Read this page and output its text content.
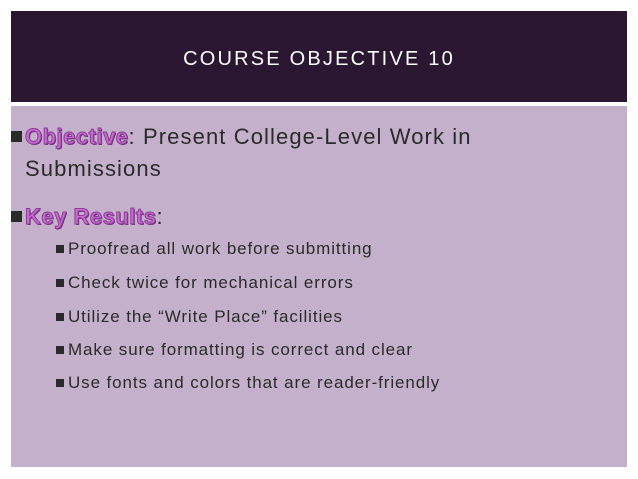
COURSE OBJECTIVE 10
Objective: Present College-Level Work in
Submissions
Key Results:
Proofread all work before submitting
Check twice for mechanical errors
Utilize the “Write Place” facilities
Make sure formatting is correct and clear
Use fonts and colors that are reader-friendly
